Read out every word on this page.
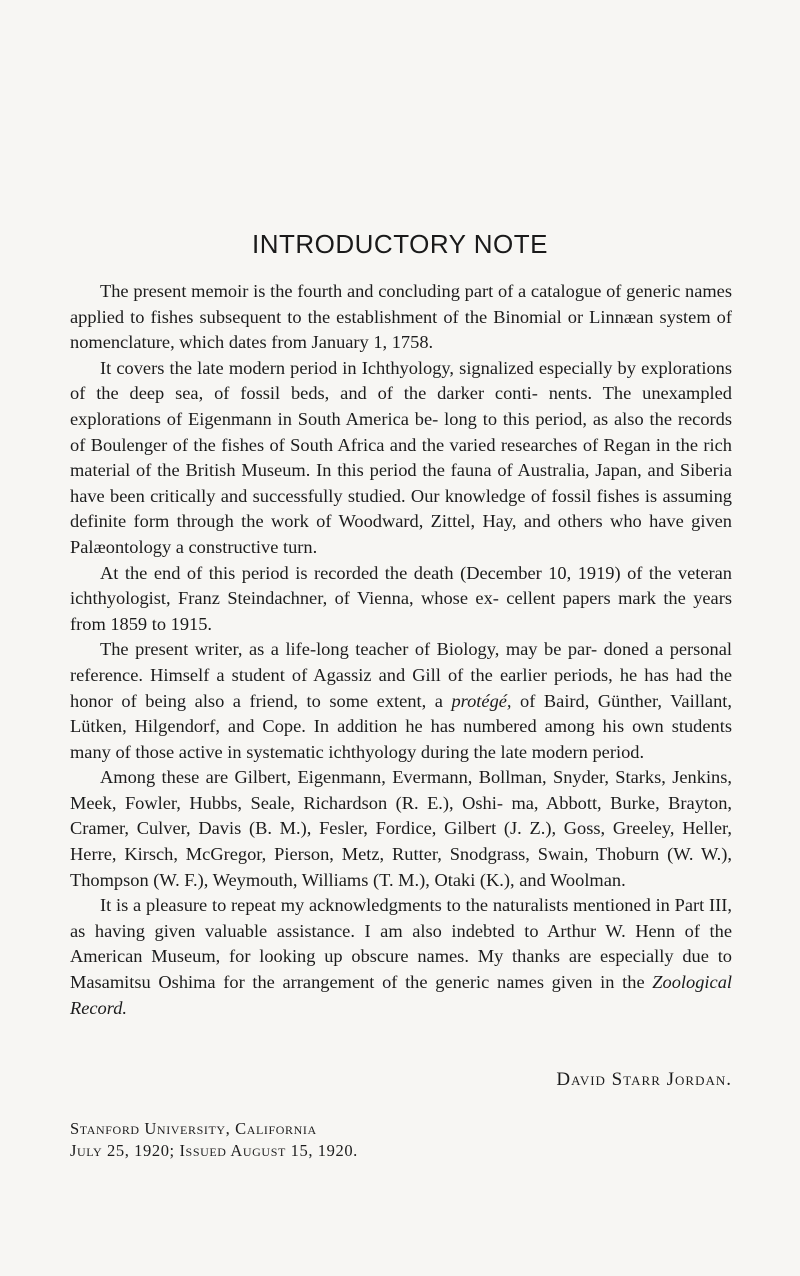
INTRODUCTORY NOTE

The present memoir is the fourth and concluding part of a catalogue of generic names applied to fishes subsequent to the establishment of the Binomial or Linnæan system of nomenclature, which dates from January 1, 1758.

It covers the late modern period in Ichthyology, signalized especially by explorations of the deep sea, of fossil beds, and of the darker conti- nents. The unexampled explorations of Eigenmann in South America be- long to this period, as also the records of Boulenger of the fishes of South Africa and the varied researches of Regan in the rich material of the British Museum. In this period the fauna of Australia, Japan, and Siberia have been critically and successfully studied. Our knowledge of fossil fishes is assuming definite form through the work of Woodward, Zittel, Hay, and others who have given Palæontology a constructive turn.

At the end of this period is recorded the death (December 10, 1919) of the veteran ichthyologist, Franz Steindachner, of Vienna, whose ex- cellent papers mark the years from 1859 to 1915.

The present writer, as a life-long teacher of Biology, may be par- doned a personal reference. Himself a student of Agassiz and Gill of the earlier periods, he has had the honor of being also a friend, to some extent, a protégé, of Baird, Günther, Vaillant, Lütken, Hilgendorf, and Cope. In addition he has numbered among his own students many of those active in systematic ichthyology during the late modern period.

Among these are Gilbert, Eigenmann, Evermann, Bollman, Snyder, Starks, Jenkins, Meek, Fowler, Hubbs, Seale, Richardson (R. E.), Oshi- ma, Abbott, Burke, Brayton, Cramer, Culver, Davis (B. M.), Fesler, Fordice, Gilbert (J. Z.), Goss, Greeley, Heller, Herre, Kirsch, McGregor, Pierson, Metz, Rutter, Snodgrass, Swain, Thoburn (W. W.), Thompson (W. F.), Weymouth, Williams (T. M.), Otaki (K.), and Woolman.

It is a pleasure to repeat my acknowledgments to the naturalists mentioned in Part III, as having given valuable assistance. I am also indebted to Arthur W. Henn of the American Museum, for looking up obscure names. My thanks are especially due to Masamitsu Oshima for the arrangement of the generic names given in the Zoological Record.

David Starr Jordan.
Stanford University, California
July 25, 1920; Issued August 15, 1920.
